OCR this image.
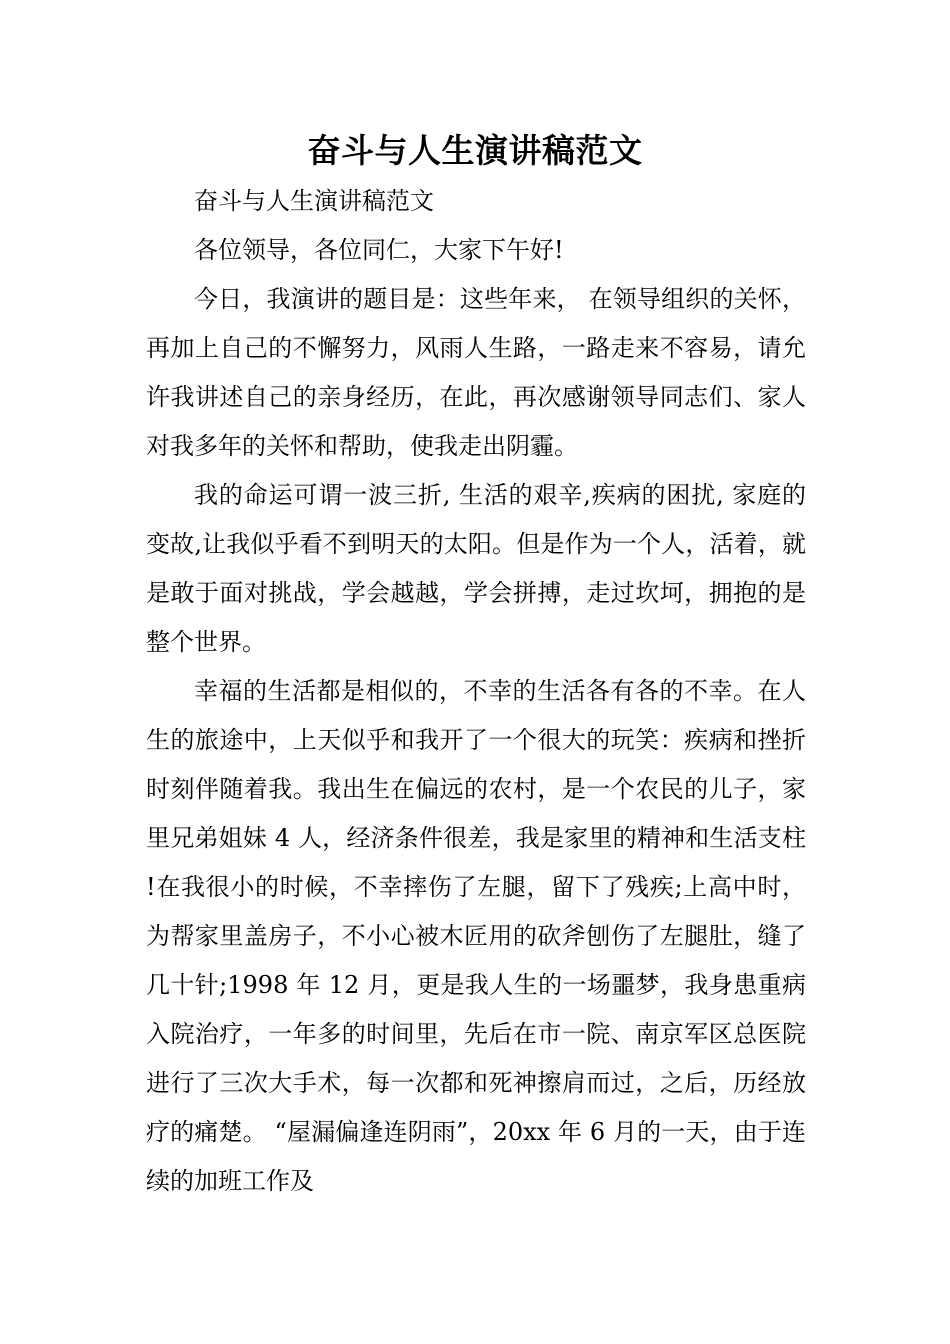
奋斗与人生演讲稿范文

奋斗与人生演讲稿范文

各位领导，各位同仁，大家下午好!

今日，我演讲的题目是：这些年来， 在领导组织的关怀，再加上自己的不懈努力，风雨人生路，一路走来不容易，请允许我讲述自己的亲身经历，在此，再次感谢领导同志们、家人对我多年的关怀和帮助，使我走出阴霾。

我的命运可谓一波三折, 生活的艰辛,疾病的困扰, 家庭的变故,让我似乎看不到明天的太阳。但是作为一个人，活着，就是敢于面对挑战，学会越越，学会拼搏，走过坎坷，拥抱的是整个世界。

幸福的生活都是相似的，不幸的生活各有各的不幸。在人生的旅途中，上天似乎和我开了一个很大的玩笑：疾病和挫折时刻伴随着我。我出生在偏远的农村，是一个农民的儿子，家里兄弟姐妹 4 人，经济条件很差，我是家里的精神和生活支柱 !在我很小的时候，不幸摔伤了左腿，留下了残疾;上高中时，为帮家里盖房子，不小心被木匠用的砍斧刨伤了左腿肚，缝了几十针;1998 年 12 月，更是我人生的一场噩梦，我身患重病入院治疗，一年多的时间里，先后在市一院、南京军区总医院进行了三次大手术，每一次都和死神擦肩而过，之后，历经放疗的痛楚。 “屋漏偏逢连阴雨”，20xx 年 6 月的一天，由于连续的加班工作及
